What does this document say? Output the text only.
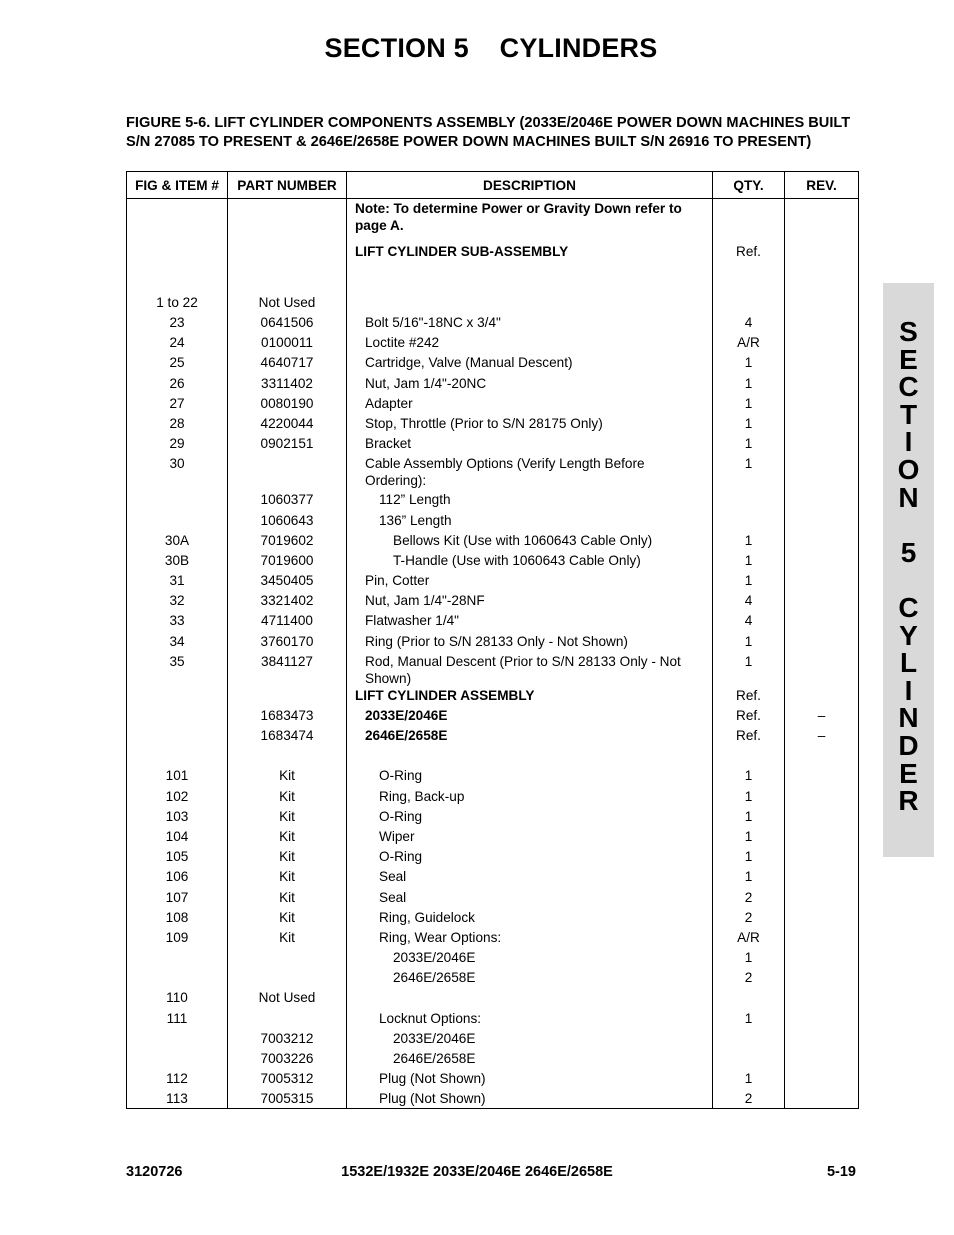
SECTION 5    CYLINDERS
FIGURE 5-6. LIFT CYLINDER COMPONENTS ASSEMBLY (2033E/2046E POWER DOWN MACHINES BUILT S/N 27085 TO PRESENT & 2646E/2658E POWER DOWN MACHINES BUILT S/N 26916 TO PRESENT)
FIG & ITEM #	PART NUMBER	DESCRIPTION	QTY.	REV.
		Note: To determine Power or Gravity Down refer to page A.		
		LIFT CYLINDER SUB-ASSEMBLY	Ref.	
1 to 22	Not Used			
23	0641506	Bolt 5/16"-18NC x 3/4"	4	
24	0100011	Loctite #242	A/R	
25	4640717	Cartridge, Valve (Manual Descent)	1	
26	3311402	Nut, Jam 1/4"-20NC	1	
27	0080190	Adapter	1	
28	4220044	Stop, Throttle (Prior to S/N 28175 Only)	1	
29	0902151	Bracket	1	
30		Cable Assembly Options (Verify Length Before Ordering):	1	
	1060377	112” Length		
	1060643	136” Length		
30A	7019602	Bellows Kit (Use with 1060643 Cable Only)	1	
30B	7019600	T-Handle (Use with 1060643 Cable Only)	1	
31	3450405	Pin, Cotter	1	
32	3321402	Nut, Jam 1/4"-28NF	4	
33	4711400	Flatwasher 1/4"	4	
34	3760170	Ring (Prior to S/N 28133 Only - Not Shown)	1	
35	3841127	Rod, Manual Descent (Prior to S/N 28133 Only - Not Shown)	1	
		LIFT CYLINDER ASSEMBLY	Ref.	
	1683473	2033E/2046E	Ref.	–
	1683474	2646E/2658E	Ref.	–
101	Kit	O-Ring	1	
102	Kit	Ring, Back-up	1	
103	Kit	O-Ring	1	
104	Kit	Wiper	1	
105	Kit	O-Ring	1	
106	Kit	Seal	1	
107	Kit	Seal	2	
108	Kit	Ring, Guidelock	2	
109	Kit	Ring, Wear Options:	A/R	
		2033E/2046E	1	
		2646E/2658E	2	
110	Not Used			
111		Locknut Options:	1	
	7003212	2033E/2046E		
	7003226	2646E/2658E		
112	7005312	Plug (Not Shown)	1	
113	7005315	Plug (Not Shown)	2	
S
E
C
T
I
O
N

5

C
Y
L
I
N
D
E
R
3120726	1532E/1932E 2033E/2046E 2646E/2658E	5-19
